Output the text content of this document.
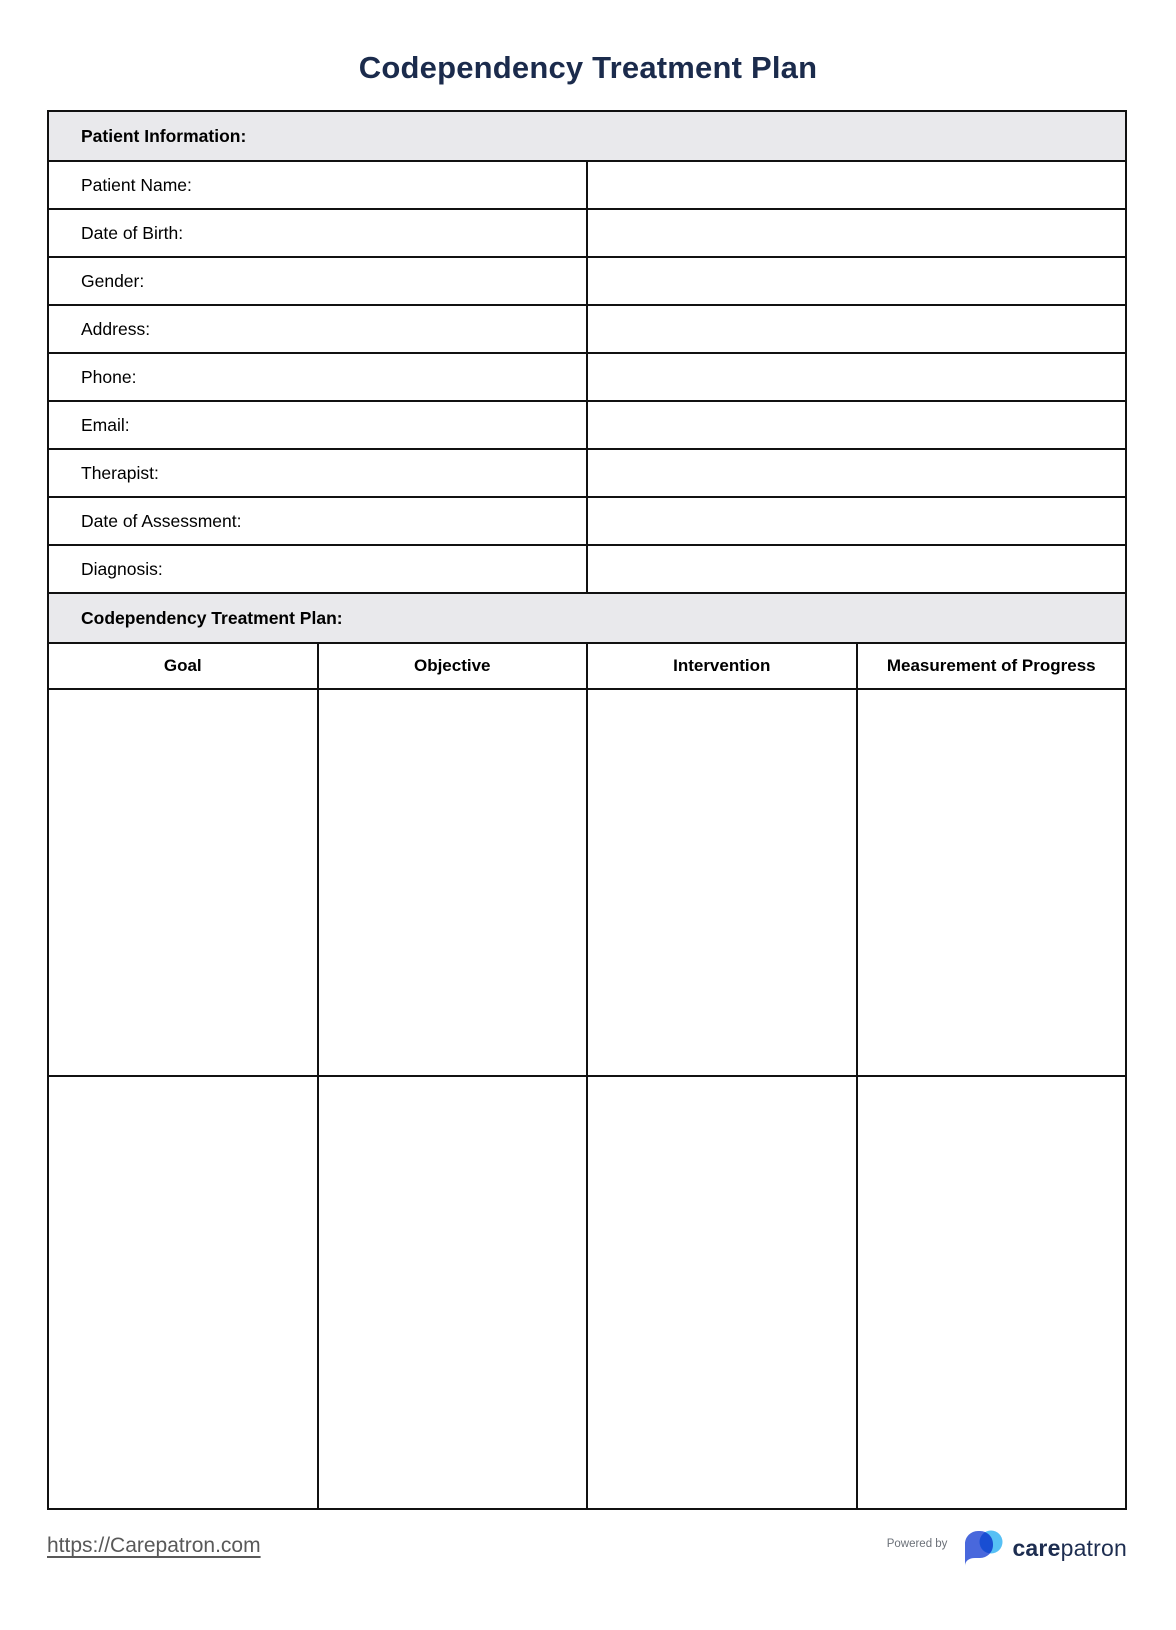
Codependency Treatment Plan
Patient Information:	
Patient Name:	
Date of Birth:	
Gender:	
Address:	
Phone:	
Email:	
Therapist:	
Date of Assessment:	
Diagnosis:	
Codependency Treatment Plan:			
Goal	Objective	Intervention	Measurement of Progress

https://Carepatron.com	Powered by	carepatron
